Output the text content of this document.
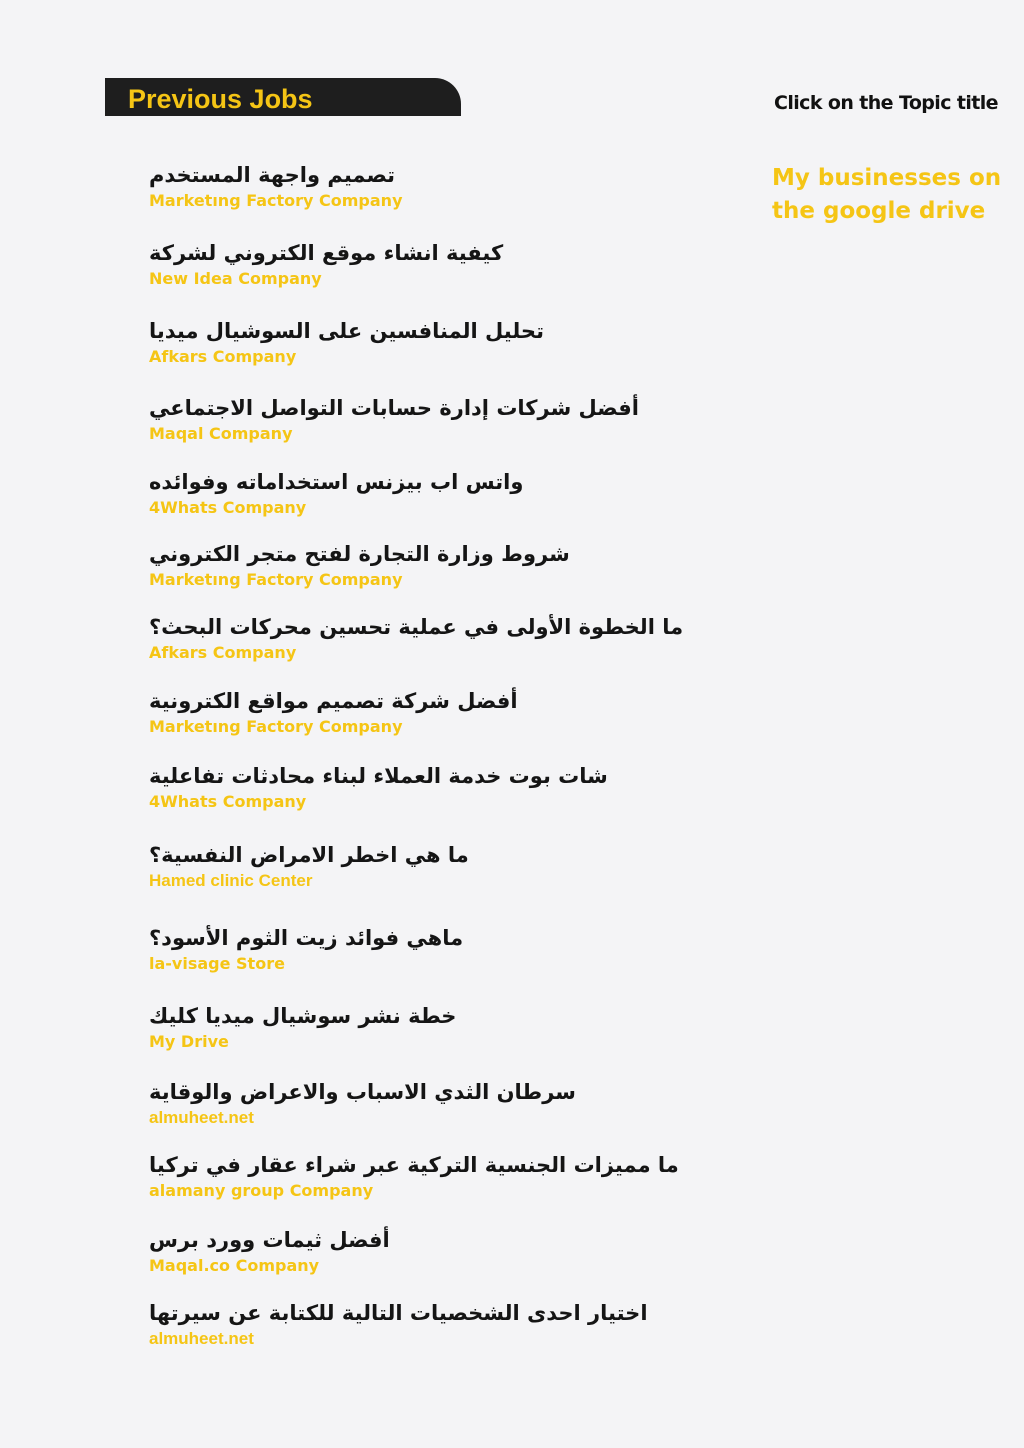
Previous Jobs	Click on the Topic title
My businesses on the google drive
تصميم واجهة المستخدم
Marketıng Factory Company
كيفية انشاء موقع الكتروني لشركة
New Idea Company
تحليل المنافسين على السوشيال ميديا
Afkars Company
أفضل شركات إدارة حسابات التواصل الاجتماعي
Maqal Company
واتس اب بيزنس استخداماته وفوائده
4Whats Company
شروط وزارة التجارة لفتح متجر الكتروني
Marketıng Factory Company
ما الخطوة الأولى في عملية تحسين محركات البحث؟
Afkars Company
أفضل شركة تصميم مواقع الكترونية
Marketıng Factory Company
شات بوت خدمة العملاء لبناء محادثات تفاعلية
4Whats Company
ما هي اخطر الامراض النفسية؟
Hamed clinic Center
ماهي فوائد زيت الثوم الأسود؟
la-visage Store
خطة نشر سوشيال ميديا كليك
My Drive
سرطان الثدي الاسباب والاعراض والوقاية
almuheet.net
ما مميزات الجنسية التركية عبر شراء عقار في تركيا
alamany group Company
أفضل ثيمات وورد برس
Maqal.co Company
اختيار احدى الشخصيات التالية للكتابة عن سيرتها
almuheet.net
